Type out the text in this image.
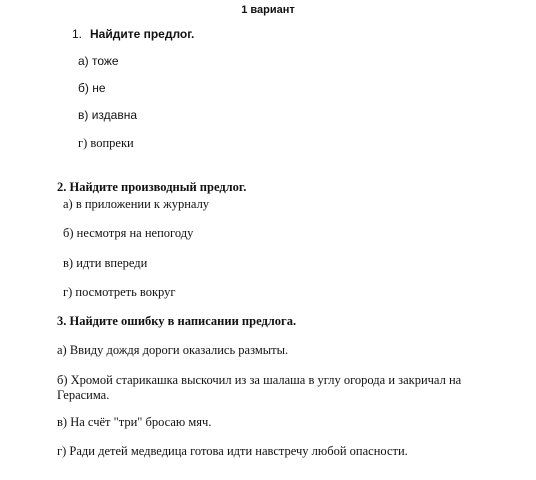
1 вариант
1. Найдите предлог.
а) тоже
б) не
в) издавна
г) вопреки
2. Найдите производный предлог.
а) в приложении к журналу
б) несмотря на непогоду
в) идти впереди
г) посмотреть вокруг
3. Найдите ошибку в написании предлога.
а) Ввиду дождя дороги оказались размыты.
б) Хромой старикашка выскочил из за шалаша в углу огорода и закричал на
Герасима.
в) На счёт "три" бросаю мяч.
г) Ради детей медведица готова идти навстречу любой опасности.
